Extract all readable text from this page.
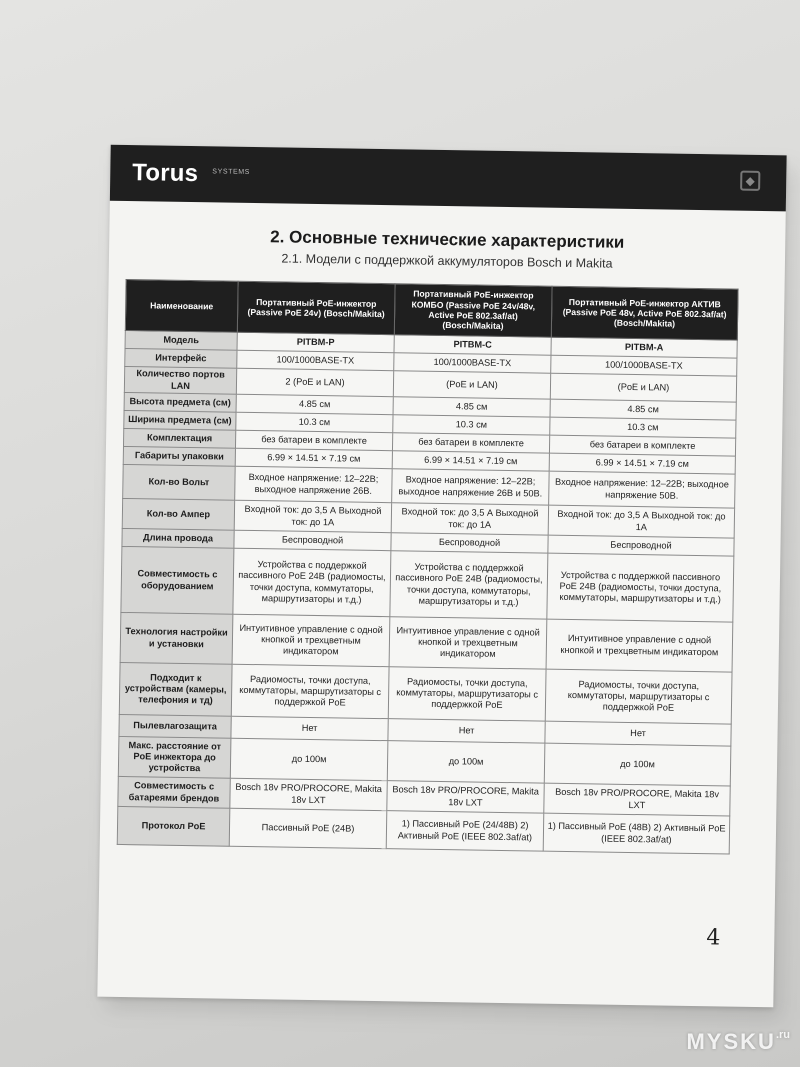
Torus SYSTEMS
◆
2. Основные технические характеристики
2.1. Модели с поддержкой аккумуляторов Bosch и Makita
Наименование	Портативный PoE-инжектор (Passive PoE 24v) (Bosch/Makita)	Портативный PoE-инжектор КОМБО (Passive PoE 24v/48v, Active PoE 802.3af/at) (Bosch/Makita)	Портативный PoE-инжектор АКТИВ (Passive PoE 48v, Active PoE 802.3af/at) (Bosch/Makita)
Модель	PITBM-P	PITBM-C	PITBM-A
Интерфейс	100/1000BASE-TX	100/1000BASE-TX	100/1000BASE-TX
Количество портов LAN	2 (PoE и LAN)	(PoE и LAN)	(PoE и LAN)
Высота предмета (см)	4.85 см	4.85 см	4.85 см
Ширина предмета (см)	10.3 см	10.3 см	10.3 см
Комплектация	без батареи в комплекте	без батареи в комплекте	без батареи в комплекте
Габариты упаковки	6.99 × 14.51 × 7.19 см	6.99 × 14.51 × 7.19 см	6.99 × 14.51 × 7.19 см
Кол-во Вольт	Входное напряжение: 12–22В; выходное напряжение 26В.	Входное напряжение: 12–22В; выходное напряжение 26В и 50В.	Входное напряжение: 12–22В; выходное напряжение 50В.
Кол-во Ампер	Входной ток: до 3,5 А Выходной ток: до 1А	Входной ток: до 3,5 А Выходной ток: до 1А	Входной ток: до 3,5 А Выходной ток: до 1А
Длина провода	Беспроводной	Беспроводной	Беспроводной
Совместимость с оборудованием	Устройства с поддержкой пассивного PoE 24В (радиомосты, точки доступа, коммутаторы, маршрутизаторы и т.д.)	Устройства с поддержкой пассивного PoE 24В (радиомосты, точки доступа, коммутаторы, маршрутизаторы и т.д.)	Устройства с поддержкой пассивного PoE 24В (радиомосты, точки доступа, коммутаторы, маршрутизаторы и т.д.)
Технология настройки и установки	Интуитивное управление с одной кнопкой и трехцветным индикатором	Интуитивное управление с одной кнопкой и трехцветным индикатором	Интуитивное управление с одной кнопкой и трехцветным индикатором
Подходит к устройствам (камеры, телефония и тд)	Радиомосты, точки доступа, коммутаторы, маршрутизаторы с поддержкой PoE	Радиомосты, точки доступа, коммутаторы, маршрутизаторы с поддержкой PoE	Радиомосты, точки доступа, коммутаторы, маршрутизаторы с поддержкой PoE
Пылевлагозащита	Нет	Нет	Нет
Макс. расстояние от PoE инжектора до устройства	до 100м	до 100м	до 100м
Совместимость с батареями брендов	Bosch 18v PRO/PROCORE, Makita 18v LXT	Bosch 18v PRO/PROCORE, Makita 18v LXT	Bosch 18v PRO/PROCORE, Makita 18v LXT
Протокол PoE	Пассивный PoE (24В)	1) Пассивный PoE (24/48В) 2) Активный PoE (IEEE 802.3af/at)	1) Пассивный PoE (48В) 2) Активный PoE (IEEE 802.3af/at)
4
$MYSKU^{.ru}$
